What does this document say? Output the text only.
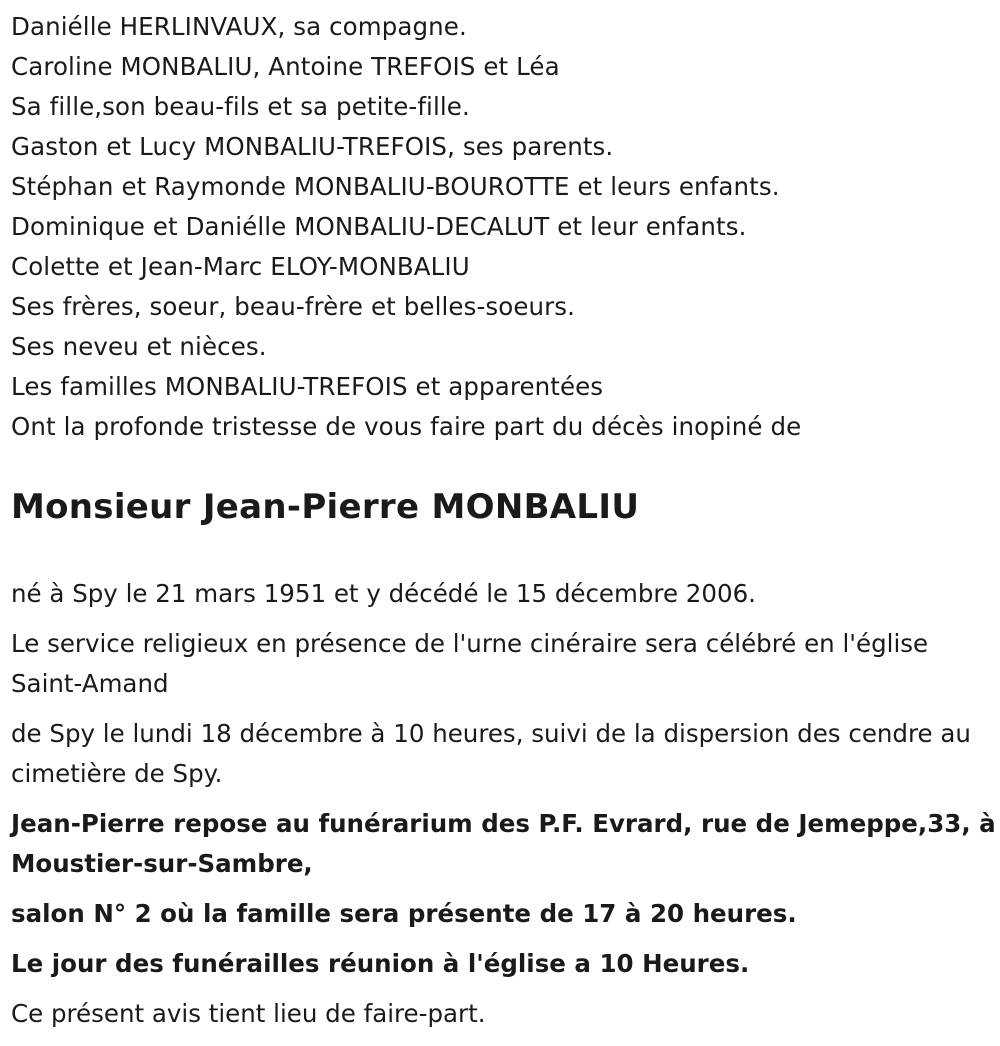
Daniélle HERLINVAUX, sa compagne.
Caroline MONBALIU, Antoine TREFOIS et Léa
Sa fille,son beau-fils et sa petite-fille.
Gaston et Lucy MONBALIU-TREFOIS, ses parents.
Stéphan et Raymonde MONBALIU-BOUROTTE et leurs enfants.
Dominique et Daniélle MONBALIU-DECALUT et leur enfants.
Colette et Jean-Marc ELOY-MONBALIU
Ses frères, soeur, beau-frère et belles-soeurs.
Ses neveu et nièces.
Les familles MONBALIU-TREFOIS et apparentées
Ont la profonde tristesse de vous faire part du décès inopiné de
Monsieur Jean-Pierre MONBALIU

né à Spy le 21 mars 1951 et y décédé le 15 décembre 2006.

Le service religieux en présence de l'urne cinéraire sera célébré en l'église Saint-Amand

de Spy le lundi 18 décembre à 10 heures, suivi de la dispersion des cendre au cimetière de Spy.

Jean-Pierre repose au funérarium des P.F. Evrard, rue de Jemeppe,33, à Moustier-sur-Sambre,

salon N° 2 où la famille sera présente de 17 à 20 heures.

Le jour des funérailles réunion à l'église a 10 Heures.

Ce présent avis tient lieu de faire-part.
